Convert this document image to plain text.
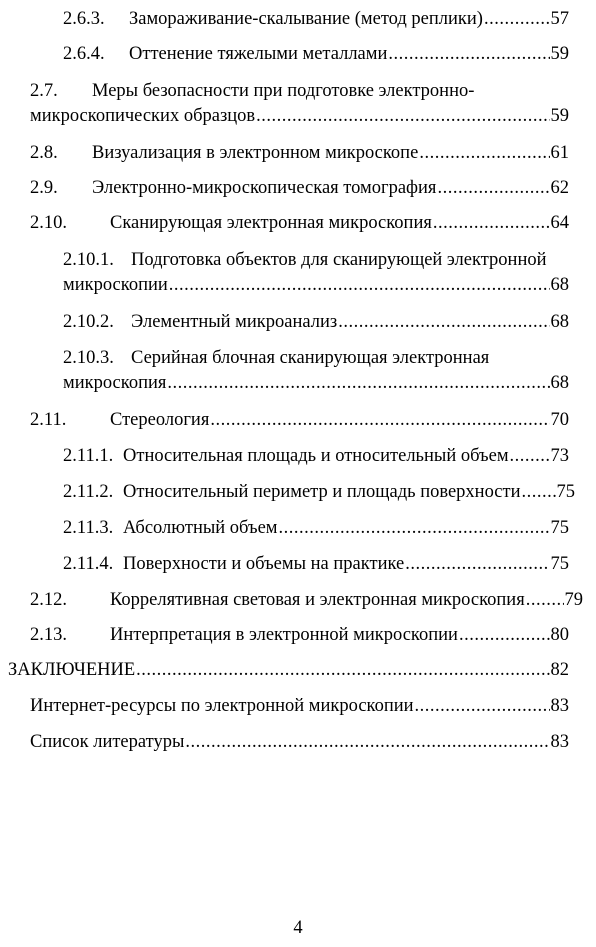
2.6.3.	Замораживание-скалывание (метод реплики) .....	57
2.6.4.	Оттенение тяжелыми металлами .....	59
2.7. Меры безопасности при подготовке электронно-
микроскопических образцов .....	59
2.8.	Визуализация в электронном микроскопе .....	61
2.9.	Электронно-микроскопическая томография .....	62
2.10.	Сканирующая электронная микроскопия .....	64
2.10.1. Подготовка объектов для сканирующей электронной
микроскопии .....	68
2.10.2. Элементный микроанализ .....	68
2.10.3. Серийная блочная сканирующая электронная
микроскопия .....	68
2.11.	Стереология .....	70
2.11.1. Относительная площадь и относительный объем ..... 73
2.11.2. Относительный периметр и площадь поверхности ..... 75
2.11.3. Абсолютный объем .....	75
2.11.4. Поверхности и объемы на практике .....	75
2.12.	Коррелятивная световая и электронная микроскопия ..... 79
2.13.	Интерпретация в электронной микроскопии .....	80
ЗАКЛЮЧЕНИЕ .....	82
Интернет-ресурсы по электронной микроскопии .....	83
Список литературы .....	83
4
